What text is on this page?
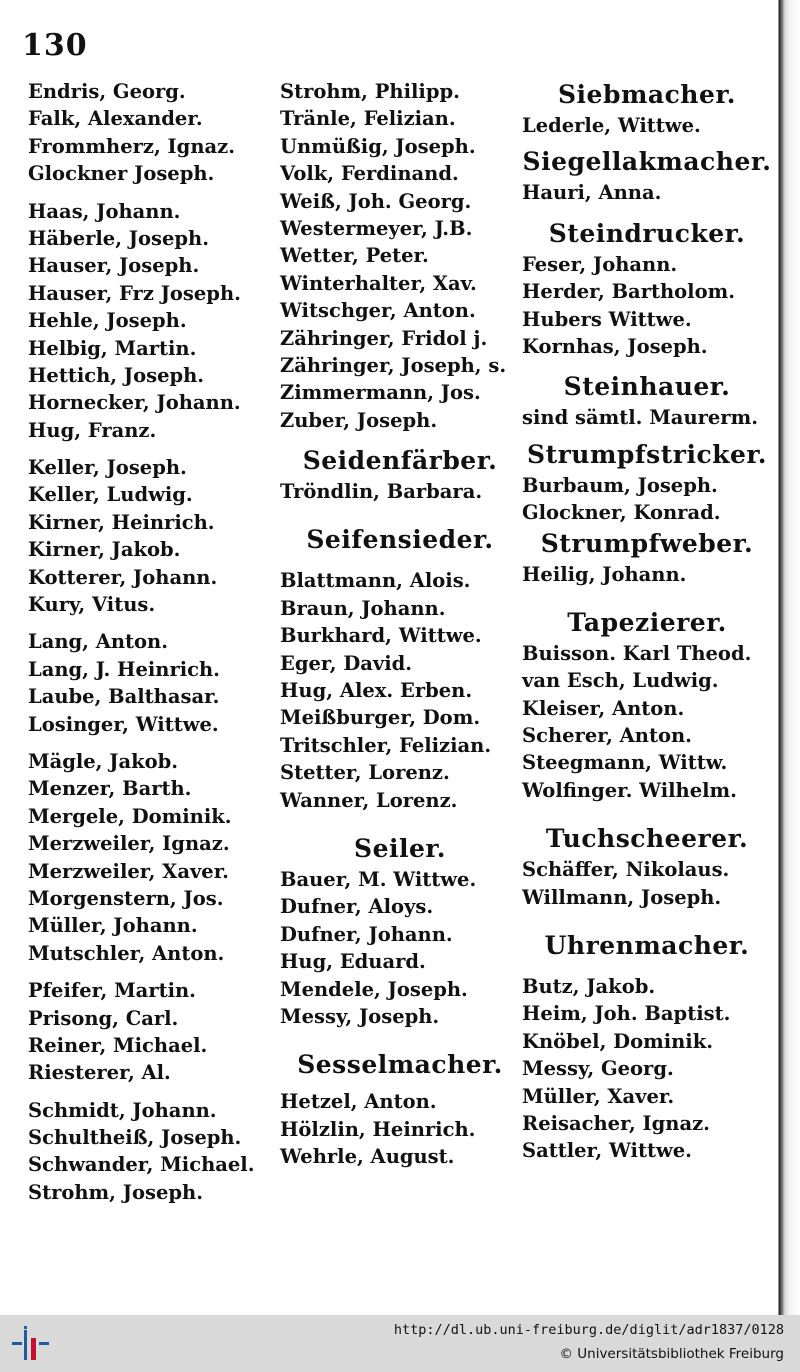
130
Endris, Georg.
Falk, Alexander.
Frommherz, Ignaz.
Glockner Joseph.
Haas, Johann.
Häberle, Joseph.
Hauser, Joseph.
Hauser, Frz Joseph.
Hehle, Joseph.
Helbig, Martin.
Hettich, Joseph.
Hornecker, Johann.
Hug, Franz.
Keller, Joseph.
Keller, Ludwig.
Kirner, Heinrich.
Kirner, Jakob.
Kotterer, Johann.
Kury, Vitus.
Lang, Anton.
Lang, J. Heinrich.
Laube, Balthasar.
Losinger, Wittwe.
Mägle, Jakob.
Menzer, Barth.
Mergele, Dominik.
Merzweiler, Ignaz.
Merzweiler, Xaver.
Morgenstern, Jos.
Müller, Johann.
Mutschler, Anton.
Pfeifer, Martin.
Prisong, Carl.
Reiner, Michael.
Riesterer, Al.
Schmidt, Johann.
Schultheiß, Joseph.
Schwander, Michael.
Strohm, Joseph.
Strohm, Philipp.
Tränle, Felizian.
Unmüßig, Joseph.
Volk, Ferdinand.
Weiß, Joh. Georg.
Westermeyer, J.B.
Wetter, Peter.
Winterhalter, Xav.
Witschger, Anton.
Zähringer, Fridol j.
Zähringer, Joseph, s.
Zimmermann, Jos.
Zuber, Joseph.
Seidenfärber.
Tröndlin, Barbara.
Seifensieder.
Blattmann, Alois.
Braun, Johann.
Burkhard, Wittwe.
Eger, David.
Hug, Alex. Erben.
Meißburger, Dom.
Tritschler, Felizian.
Stetter, Lorenz.
Wanner, Lorenz.
Seiler.
Bauer, M. Wittwe.
Dufner, Aloys.
Dufner, Johann.
Hug, Eduard.
Mendele, Joseph.
Messy, Joseph.
Sesselmacher.
Hetzel, Anton.
Hölzlin, Heinrich.
Wehrle, August.
Siebmacher.
Lederle, Wittwe.
Siegellakmacher.
Hauri, Anna.
Steindrucker.
Feser, Johann.
Herder, Bartholom.
Hubers Wittwe.
Kornhas, Joseph.
Steinhauer.
sind sämtl. Maurerm.
Strumpfstricker.
Burbaum, Joseph.
Glockner, Konrad.
Strumpfweber.
Heilig, Johann.
Tapezierer.
Buisson. Karl Theod.
van Esch, Ludwig.
Kleiser, Anton.
Scherer, Anton.
Steegmann, Wittw.
Wolfinger. Wilhelm.
Tuchscheerer.
Schäffer, Nikolaus.
Willmann, Joseph.
Uhrenmacher.
Butz, Jakob.
Heim, Joh. Baptist.
Knöbel, Dominik.
Messy, Georg.
Müller, Xaver.
Reisacher, Ignaz.
Sattler, Wittwe.
http://dl.ub.uni-freiburg.de/diglit/adr1837/0128
© Universitätsbibliothek Freiburg
